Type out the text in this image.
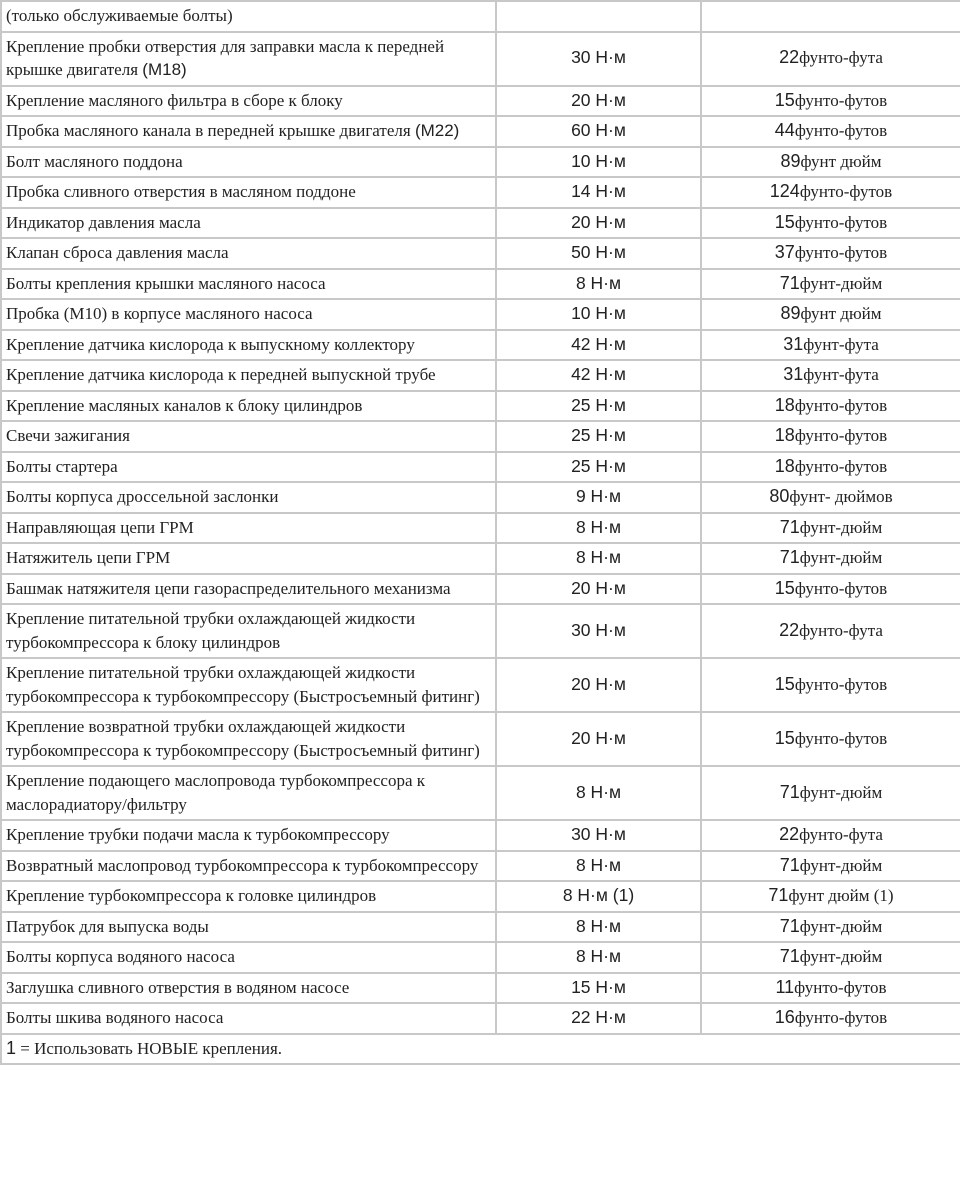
(только обслуживаемые болты)		
Крепление пробки отверстия для заправки масла к передней крышке двигателя (M18)	30 Н·м	22фунто-фута
Крепление масляного фильтра в сборе к блоку	20 Н·м	15фунто-футов
Пробка масляного канала в передней крышке двигателя (M22)	60 Н·м	44фунто-футов
Болт масляного поддона	10 Н·м	89фунт дюйм
Пробка сливного отверстия в масляном поддоне	14 Н·м	124фунто-футов
Индикатор давления масла	20 Н·м	15фунто-футов
Клапан сброса давления масла	50 Н·м	37фунто-футов
Болты крепления крышки масляного насоса	8 Н·м	71фунт-дюйм
Пробка (M10) в корпусе масляного насоса	10 Н·м	89фунт дюйм
Крепление датчика кислорода к выпускному коллектору	42 Н·м	31фунт-фута
Крепление датчика кислорода к передней выпускной трубе	42 Н·м	31фунт-фута
Крепление масляных каналов к блоку цилиндров	25 Н·м	18фунто-футов
Свечи зажигания	25 Н·м	18фунто-футов
Болты стартера	25 Н·м	18фунто-футов
Болты корпуса дроссельной заслонки	9 Н·м	80фунт- дюймов
Направляющая цепи ГРМ	8 Н·м	71фунт-дюйм
Натяжитель цепи ГРМ	8 Н·м	71фунт-дюйм
Башмак натяжителя цепи газораспределительного механизма	20 Н·м	15фунто-футов
Крепление питательной трубки охлаждающей жидкости турбокомпрессора к блоку цилиндров	30 Н·м	22фунто-фута
Крепление питательной трубки охлаждающей жидкости турбокомпрессора к турбокомпрессору (Быстросъемный фитинг)	20 Н·м	15фунто-футов
Крепление возвратной трубки охлаждающей жидкости турбокомпрессора к турбокомпрессору (Быстросъемный фитинг)	20 Н·м	15фунто-футов
Крепление подающего маслопровода турбокомпрессора к маслорадиатору/фильтру	8 Н·м	71фунт-дюйм
Крепление трубки подачи масла к турбокомпрессору	30 Н·м	22фунто-фута
Возвратный маслопровод турбокомпрессора к турбокомпрессору	8 Н·м	71фунт-дюйм
Крепление турбокомпрессора к головке цилиндров	8 Н·м (1)	71фунт дюйм (1)
Патрубок для выпуска воды	8 Н·м	71фунт-дюйм
Болты корпуса водяного насоса	8 Н·м	71фунт-дюйм
Заглушка сливного отверстия в водяном насосе	15 Н·м	11фунто-футов
Болты шкива водяного насоса	22 Н·м	16фунто-футов
1 = Использовать НОВЫЕ крепления.		
